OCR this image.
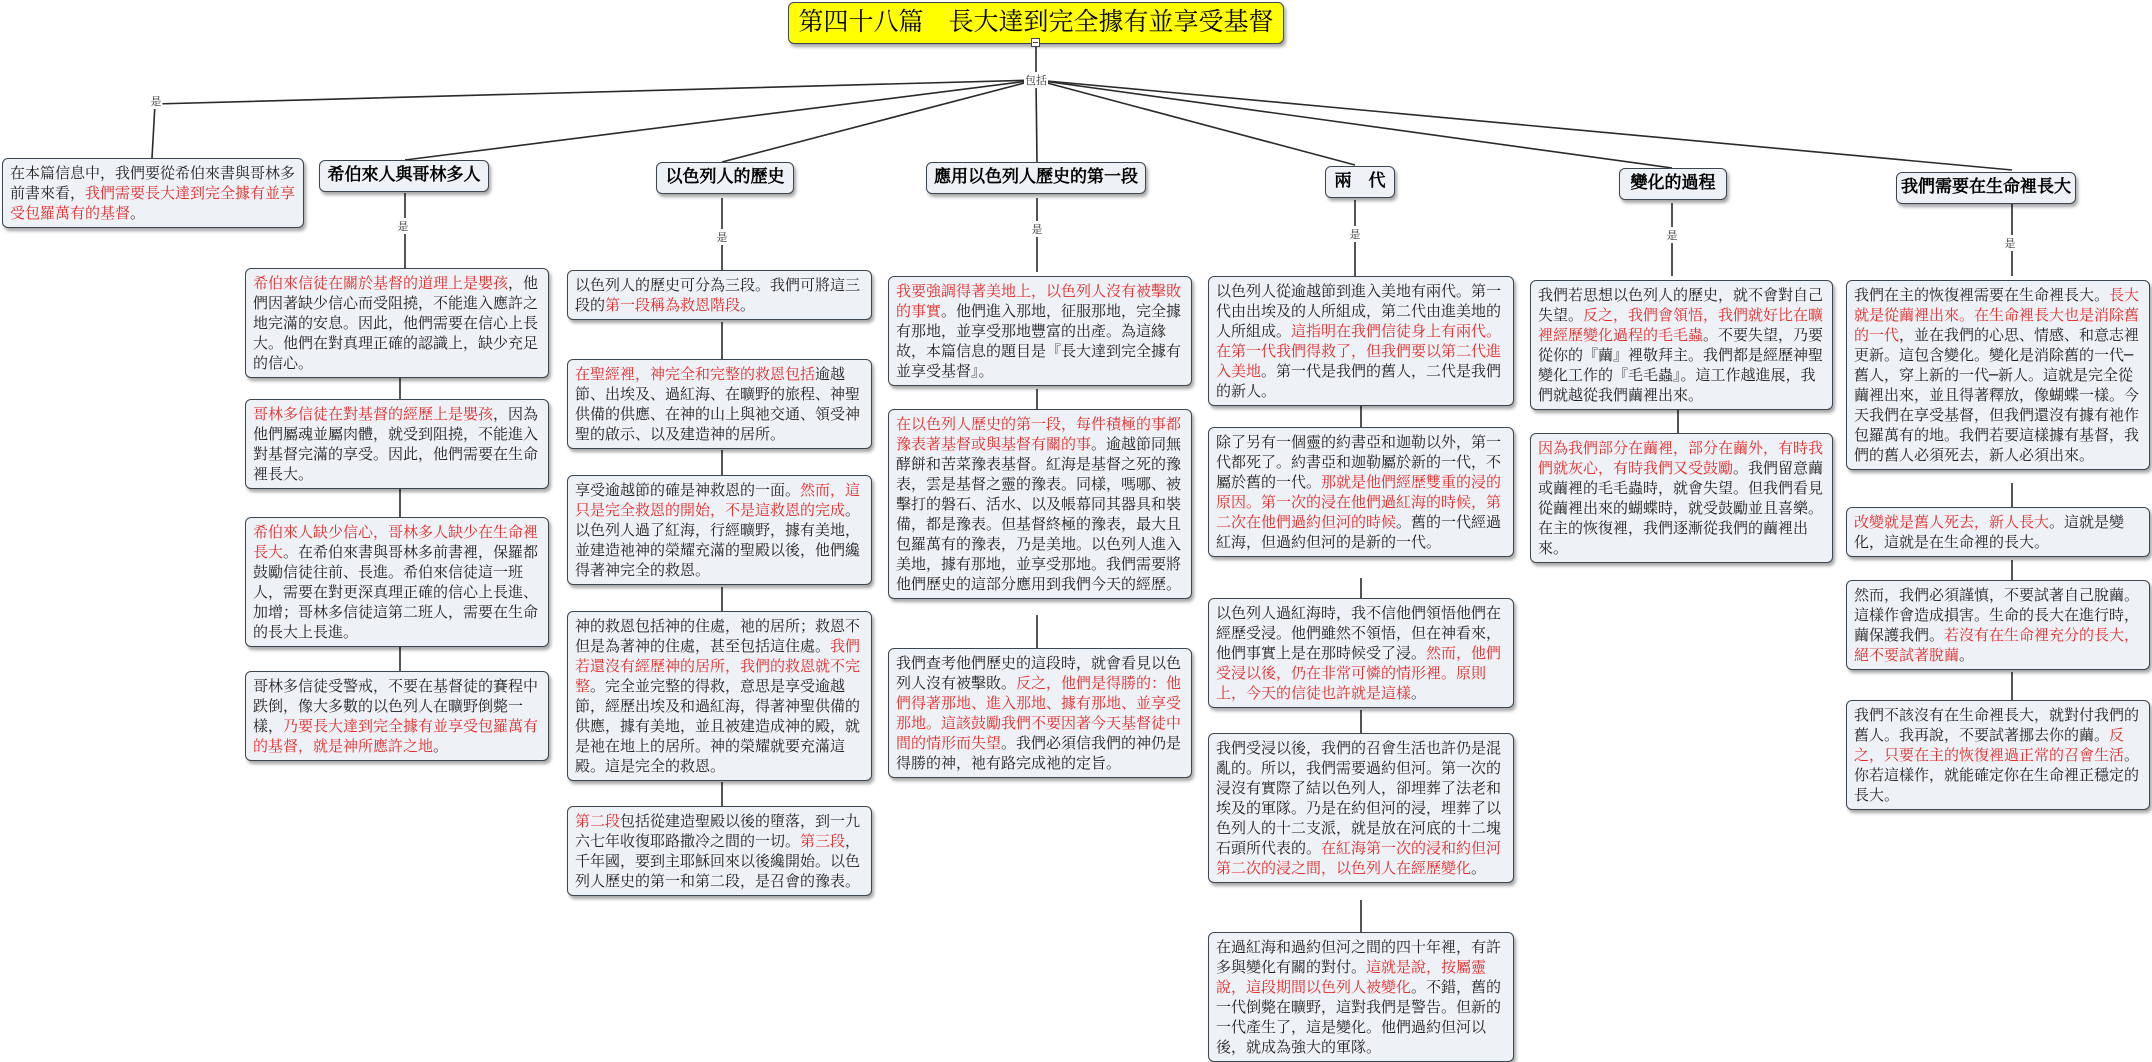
第四十八篇　長大達到完全據有並享受基督
是
包括
是
是
是	是	是
是
在本篇信息中，我們要從希伯來書與哥林多前書來看，我們需要長大達到完全據有並享受包羅萬有的基督。
希伯來人與哥林多人	以色列人的歷史	應用以色列人歷史的第一段	兩　代	變化的過程	我們需要在生命裡長大
希伯來信徒在關於基督的道理上是嬰孩，他們因著缺少信心而受阻撓，不能進入應許之地完滿的安息。因此，他們需要在信心上長大。他們在對真理正確的認識上，缺少充足的信心。
哥林多信徒在對基督的經歷上是嬰孩，因為他們屬魂並屬肉體，就受到阻撓，不能進入對基督完滿的享受。因此，他們需要在生命裡長大。
希伯來人缺少信心，哥林多人缺少在生命裡長大。在希伯來書與哥林多前書裡，保羅都鼓勵信徒往前、長進。希伯來信徒這一班人，需要在對更深真理正確的信心上長進、加增；哥林多信徒這第二班人，需要在生命的長大上長進。
哥林多信徒受警戒，不要在基督徒的賽程中跌倒，像大多數的以色列人在曠野倒斃一樣，乃要長大達到完全據有並享受包羅萬有的基督，就是神所應許之地。
以色列人的歷史可分為三段。我們可將這三段的第一段稱為救恩階段。
在聖經裡，神完全和完整的救恩包括逾越節、出埃及、過紅海、在曠野的旅程、神聖供備的供應、在神的山上與祂交通、領受神聖的啟示、以及建造神的居所。
享受逾越節的確是神救恩的一面。然而，這只是完全救恩的開始，不是這救恩的完成。以色列人過了紅海，行經曠野，據有美地，並建造祂神的榮耀充滿的聖殿以後，他們纔得著神完全的救恩。
神的救恩包括神的住處，祂的居所；救恩不但是為著神的住處，甚至包括這住處。我們若還沒有經歷神的居所，我們的救恩就不完整。完全並完整的得救，意思是享受逾越節，經歷出埃及和過紅海，得著神聖供備的供應，據有美地，並且被建造成神的殿，就是祂在地上的居所。神的榮耀就要充滿這殿。這是完全的救恩。
第二段包括從建造聖殿以後的墮落，到一九六七年收復耶路撒冷之間的一切。第三段，千年國，要到主耶穌回來以後纔開始。以色列人歷史的第一和第二段，是召會的豫表。
我要強調得著美地上，以色列人沒有被擊敗的事實。他們進入那地，征服那地，完全據有那地，並享受那地豐富的出產。為這緣故，本篇信息的題目是『長大達到完全據有並享受基督』。
在以色列人歷史的第一段，每件積極的事都豫表著基督或與基督有關的事。逾越節同無酵餅和苦菜豫表基督。紅海是基督之死的豫表，雲是基督之靈的豫表。同樣，嗎哪、被擊打的磐石、活水、以及帳幕同其器具和裝備，都是豫表。但基督終極的豫表，最大且包羅萬有的豫表，乃是美地。以色列人進入美地，據有那地，並享受那地。我們需要將他們歷史的這部分應用到我們今天的經歷。
我們查考他們歷史的這段時，就會看見以色列人沒有被擊敗。反之，他們是得勝的：他們得著那地、進入那地、據有那地、並享受那地。這該鼓勵我們不要因著今天基督徒中間的情形而失望。我們必須信我們的神仍是得勝的神，祂有路完成祂的定旨。
以色列人從逾越節到進入美地有兩代。第一代由出埃及的人所組成，第二代由進美地的人所組成。這指明在我們信徒身上有兩代。在第一代我們得救了，但我們要以第二代進入美地。第一代是我們的舊人，二代是我們的新人。
除了另有一個靈的約書亞和迦勒以外，第一代都死了。約書亞和迦勒屬於新的一代，不屬於舊的一代。那就是他們經歷雙重的浸的原因。第一次的浸在他們過紅海的時候，第二次在他們過約但河的時候。舊的一代經過紅海，但過約但河的是新的一代。
以色列人過紅海時，我不信他們領悟他們在經歷受浸。他們雖然不領悟，但在神看來，他們事實上是在那時候受了浸。然而，他們受浸以後，仍在非常可憐的情形裡。原則上，今天的信徒也許就是這樣。
我們受浸以後，我們的召會生活也許仍是混亂的。所以，我們需要過約但河。第一次的浸沒有實際了結以色列人，卻埋葬了法老和埃及的軍隊。乃是在約但河的浸，埋葬了以色列人的十二支派，就是放在河底的十二塊石頭所代表的。在紅海第一次的浸和約但河第二次的浸之間，以色列人在經歷變化。
在過紅海和過約但河之間的四十年裡，有許多與變化有關的對付。這就是說，按屬靈說，這段期間以色列人被變化。不錯，舊的一代倒斃在曠野，這對我們是警告。但新的一代產生了，這是變化。他們過約但河以後，就成為強大的軍隊。
我們若思想以色列人的歷史，就不會對自己失望。反之，我們會領悟，我們就好比在曠裡經歷變化過程的毛毛蟲。不要失望，乃要從你的『繭』裡敬拜主。我們都是經歷神聖變化工作的『毛毛蟲』。這工作越進展，我們就越從我們繭裡出來。
因為我們部分在繭裡，部分在繭外，有時我們就灰心，有時我們又受鼓勵。我們留意繭或繭裡的毛毛蟲時，就會失望。但我們看見從繭裡出來的蝴蝶時，就受鼓勵並且喜樂。在主的恢復裡，我們逐漸從我們的繭裡出來。
我們在主的恢復裡需要在生命裡長大。長大就是從繭裡出來。在生命裡長大也是消除舊的一代，並在我們的心思、情感、和意志裡更新。這包含變化。變化是消除舊的一代─舊人，穿上新的一代─新人。這就是完全從繭裡出來，並且得著釋放，像蝴蝶一樣。今天我們在享受基督，但我們還沒有據有祂作包羅萬有的地。我們若要這樣據有基督，我們的舊人必須死去，新人必須出來。
改變就是舊人死去，新人長大。這就是變化，這就是在生命裡的長大。
然而，我們必須謹慎，不要試著自己脫繭。這樣作會造成損害。生命的長大在進行時，繭保護我們。若沒有在生命裡充分的長大，絕不要試著脫繭。
我們不該沒有在生命裡長大，就對付我們的舊人。我再說，不要試著挪去你的繭。反之，只要在主的恢復裡過正常的召會生活。你若這樣作，就能確定你在生命裡正穩定的長大。
